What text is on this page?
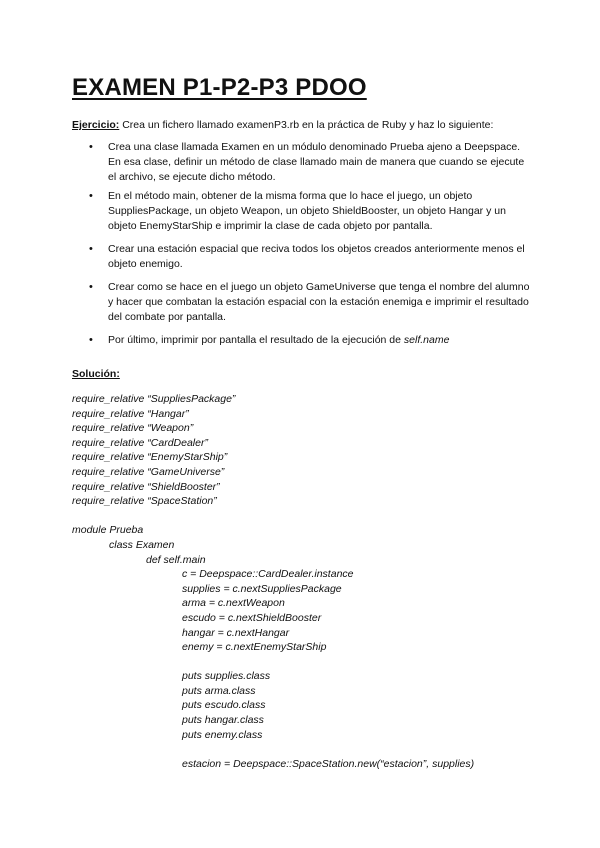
EXAMEN P1-P2-P3 PDOO

Ejercicio: Crea un fichero llamado examenP3.rb en la práctica de Ruby y haz lo siguiente:

• Crea una clase llamada Examen en un módulo denominado Prueba ajeno a Deepspace. En esa clase, definir un método de clase llamado main de manera que cuando se ejecute el archivo, se ejecute dicho método.
• En el método main, obtener de la misma forma que lo hace el juego, un objeto SuppliesPackage, un objeto Weapon, un objeto ShieldBooster, un objeto Hangar y un objeto EnemyStarShip e imprimir la clase de cada objeto por pantalla.
• Crear una estación espacial que reciva todos los objetos creados anteriormente menos el objeto enemigo.
• Crear como se hace en el juego un objeto GameUniverse que tenga el nombre del alumno y hacer que combatan la estación espacial con la estación enemiga e imprimir el resultado del combate por pantalla.
• Por último, imprimir por pantalla el resultado de la ejecución de self.name

Solución:

require_relative “SuppliesPackage”
require_relative “Hangar”
require_relative “Weapon”
require_relative “CardDealer”
require_relative “EnemyStarShip”
require_relative “GameUniverse”
require_relative “ShieldBooster”
require_relative “SpaceStation”
module Prueba
class Examen
def self.main
c = Deepspace::CardDealer.instance
supplies = c.nextSuppliesPackage
arma = c.nextWeapon
escudo = c.nextShieldBooster
hangar = c.nextHangar
enemy = c.nextEnemyStarShip
puts supplies.class
puts arma.class
puts escudo.class
puts hangar.class
puts enemy.class
estacion = Deepspace::SpaceStation.new(“estacion”, supplies)
